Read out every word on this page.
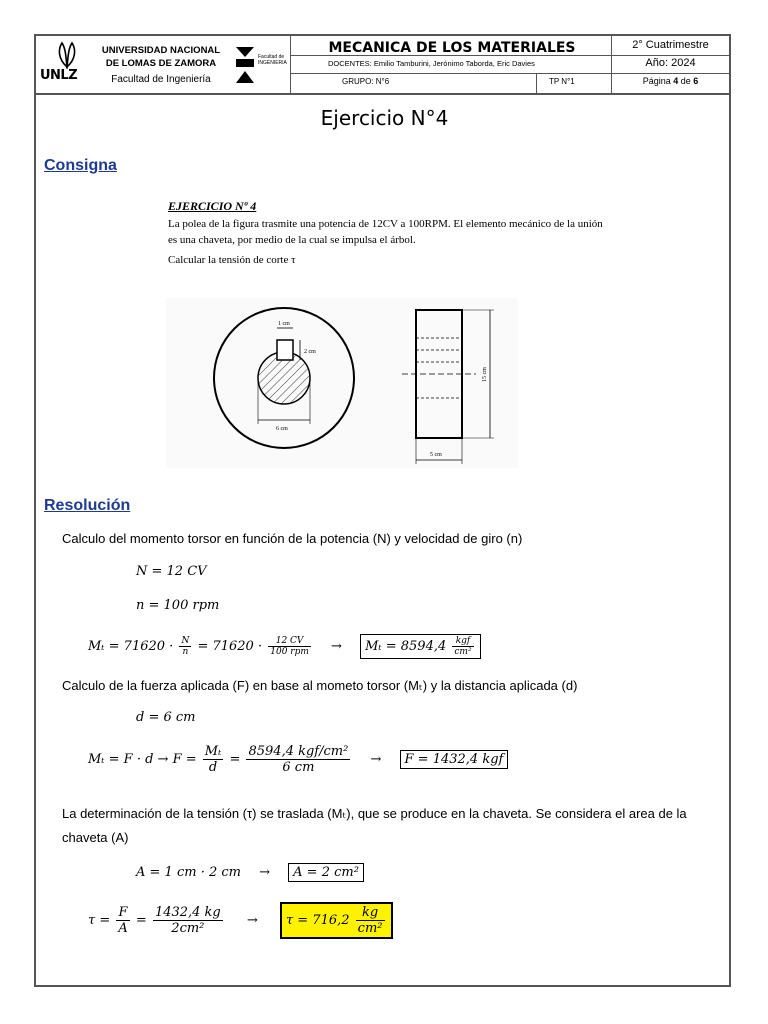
UNLZ
UNIVERSIDAD NACIONAL
DE LOMAS DE ZAMORA
Facultad de Ingeniería
Facultad de INGENIERIA
MECANICA DE LOS MATERIALES
DOCENTES: Emilio Tamburini, Jerónimo Taborda, Eric Davies
GRUPO: N°6	TP N°1
2° Cuatrimestre
Año: 2024
Página 4 de 6
Ejercicio N°4
Consigna
EJERCICIO Nº 4
La polea de la figura trasmite una potencia de 12CV a 100RPM. El elemento mecánico de la unión es una chaveta, por medio de la cual se impulsa el árbol.
Calcular la tensión de corte τ
1 cm
2 cm
6 cm
15 cm
5 cm
Resolución
Calculo del momento torsor en función de la potencia (N) y velocidad de giro (n)
N = 12 CV
n = 100 rpm
$M_t = 71620 \cdot \frac{N}{n} = 71620 \cdot \frac{12 CV}{\text{100 rpm}} \to M_t = 8594,4 \frac{\text{kgf}}{\text{cm²}}$
Calculo de la fuerza aplicada (F) en base al mometo torsor (Mₜ) y la distancia aplicada (d)
d = 6 cm
$M_t = F \cdot d \to F = \frac{\text{Mₜ}}{d} = \frac{\text{8594,4 kgf/cm²}}{6 cm} \to F = 1432,4$ kgf
La determinación de la tensión (τ) se traslada (Mₜ), que se produce en la chaveta. Se considera el area de la chaveta (A)
A = 1 cm · 2 cm → A = 2 cm²
$\tau = \frac{F}{A} = \frac{1432,4 kg}{\text{2cm²}} \to \tau = 716,2 \frac{kg}{\text{cm²}}$
